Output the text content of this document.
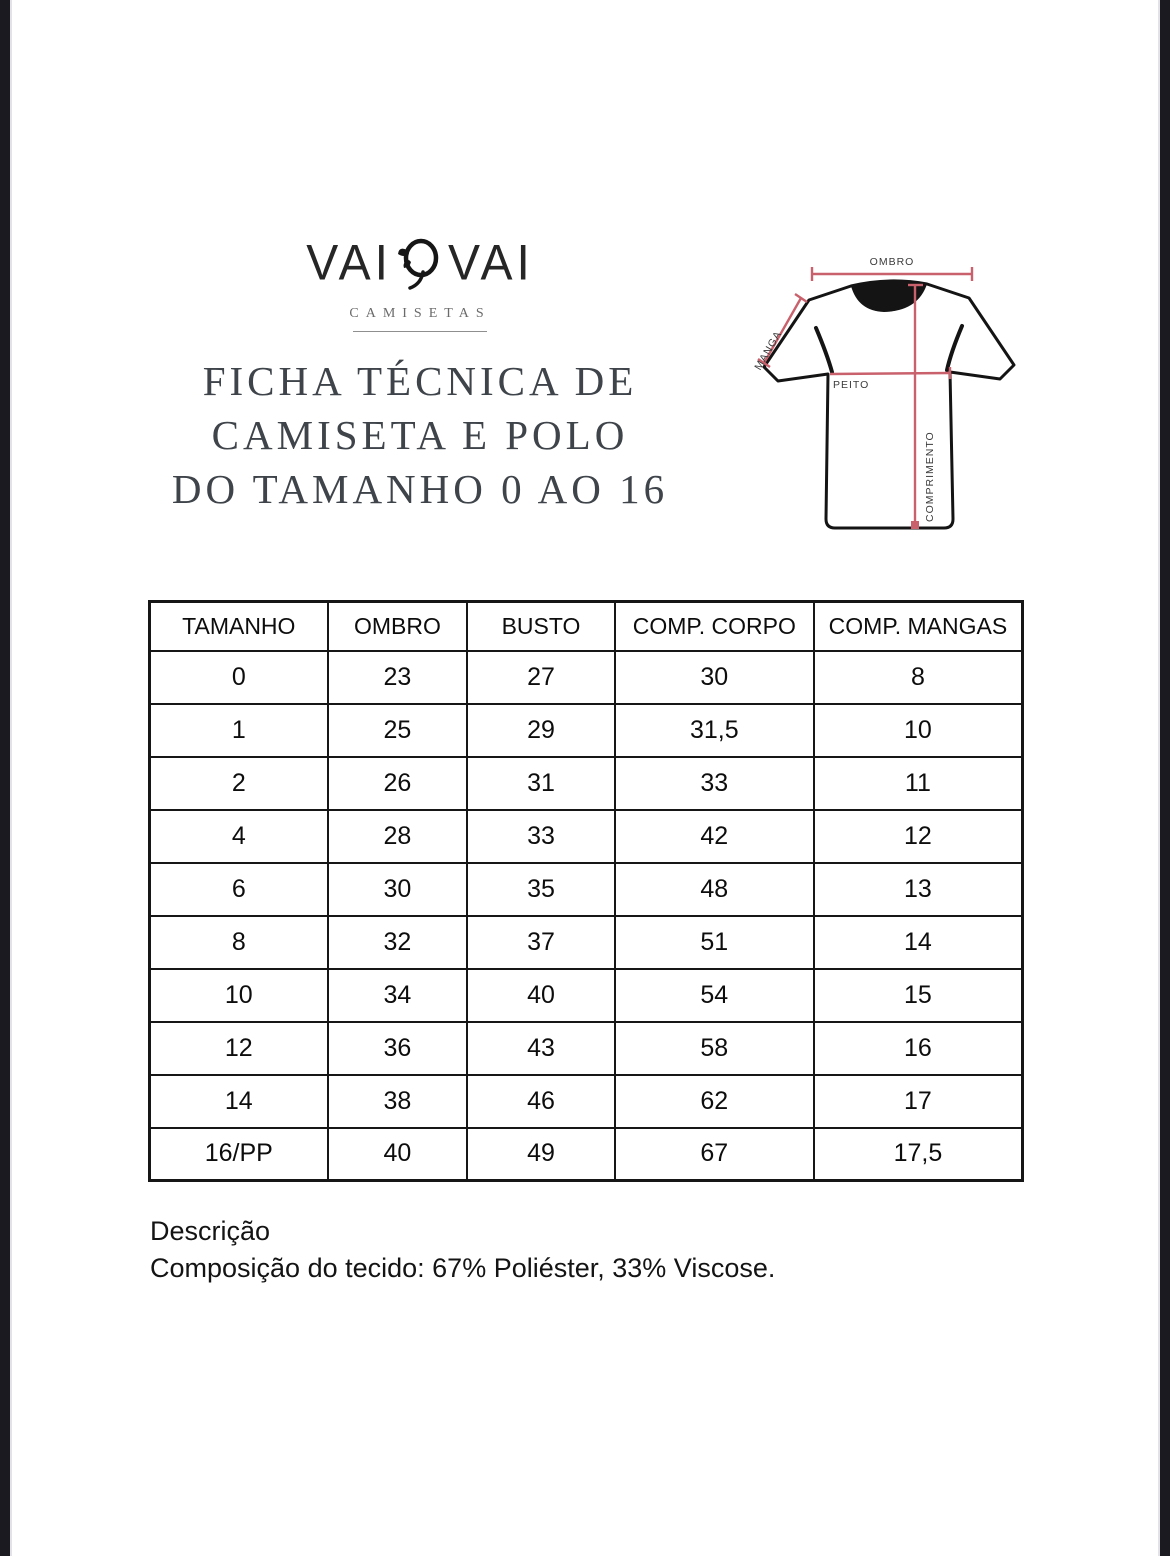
VAI VAI
CAMISETAS
FICHA TÉCNICA DE
CAMISETA E POLO
DO TAMANHO 0 AO 16
OMBRO
MANGA
PEITO
COMPRIMENTO
TAMANHO	OMBRO	BUSTO	COMP. CORPO	COMP. MANGAS
0	23	27	30	8
1	25	29	31,5	10
2	26	31	33	11
4	28	33	42	12
6	30	35	48	13
8	32	37	51	14
10	34	40	54	15
12	36	43	58	16
14	38	46	62	17
16/PP	40	49	67	17,5
Descrição
Composição do tecido: 67% Poliéster, 33% Viscose.
